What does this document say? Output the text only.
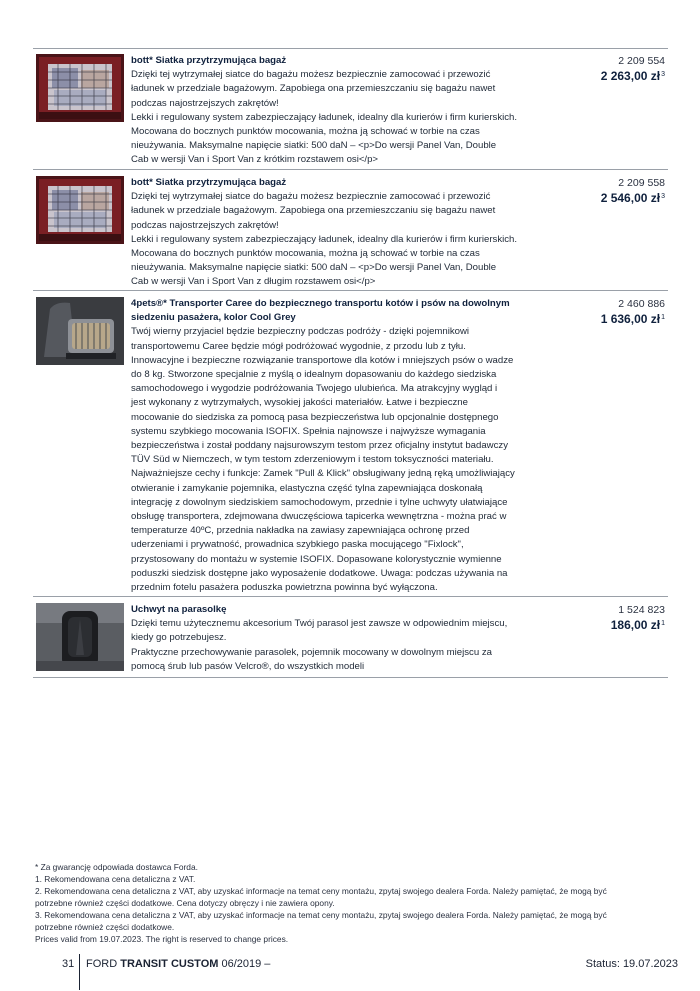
bott* Siatka przytrzymująca bagaż
Dzięki tej wytrzymałej siatce do bagażu możesz bezpiecznie zamocować i przewozić
ładunek w przedziale bagażowym. Zapobiega ona przemieszczaniu się bagażu nawet
podczas najostrzejszych zakrętów!
Lekki i regulowany system zabezpieczający ładunek, idealny dla kurierów i firm kurierskich.
Mocowana do bocznych punktów mocowania, można ją schować w torbie na czas
nieużywania. Maksymalne napięcie siatki: 500 daN – <p>Do wersji Panel Van, Double
Cab w wersji Van i Sport Van z krótkim rozstawem osi</p>
2 209 554
2 263,00 $zł^3$
bott* Siatka przytrzymująca bagaż
Dzięki tej wytrzymałej siatce do bagażu możesz bezpiecznie zamocować i przewozić
ładunek w przedziale bagażowym. Zapobiega ona przemieszczaniu się bagażu nawet
podczas najostrzejszych zakrętów!
Lekki i regulowany system zabezpieczający ładunek, idealny dla kurierów i firm kurierskich.
Mocowana do bocznych punktów mocowania, można ją schować w torbie na czas
nieużywania. Maksymalne napięcie siatki: 500 daN – <p>Do wersji Panel Van, Double
Cab w wersji Van i Sport Van z długim rozstawem osi</p>
2 209 558
2 546,00 $zł^3$
4pets®* Transporter Caree do bezpiecznego transportu kotów i psów na dowolnym
siedzeniu pasażera, kolor Cool Grey
Twój wierny przyjaciel będzie bezpieczny podczas podróży - dzięki pojemnikowi
transportowemu Caree będzie mógł podróżować wygodnie, z przodu lub z tyłu.
Innowacyjne i bezpieczne rozwiązanie transportowe dla kotów i mniejszych psów o wadze
do 8 kg. Stworzone specjalnie z myślą o idealnym dopasowaniu do każdego siedziska
samochodowego i wygodzie podróżowania Twojego ulubieńca. Ma atrakcyjny wygląd i
jest wykonany z wytrzymałych, wysokiej jakości materiałów. Łatwe i bezpieczne
mocowanie do siedziska za pomocą pasa bezpieczeństwa lub opcjonalnie dostępnego
systemu szybkiego mocowania ISOFIX. Spełnia najnowsze i najwyższe wymagania
bezpieczeństwa i został poddany najsurowszym testom przez oficjalny instytut badawczy
TÜV Süd w Niemczech, w tym testom zderzeniowym i testom toksyczności materiału.
Najważniejsze cechy i funkcje: Zamek "Pull & Klick" obsługiwany jedną ręką umożliwiający
otwieranie i zamykanie pojemnika, elastyczna część tylna zapewniająca doskonałą
integrację z dowolnym siedziskiem samochodowym, przednie i tylne uchwyty ułatwiające
obsługę transportera, zdejmowana dwuczęściowa tapicerka wewnętrzna - można prać w
temperaturze 40ºC, przednia nakładka na zawiasy zapewniająca ochronę przed
uderzeniami i prywatność, prowadnica szybkiego paska mocującego "Fixlock",
przystosowany do montażu w systemie ISOFIX. Dopasowane kolorystycznie wymienne
poduszki siedzisk dostępne jako wyposażenie dodatkowe. Uwaga: podczas używania na
przednim fotelu pasażera poduszka powietrzna powinna być wyłączona.
2 460 886
1 636,00 $zł^1$
Uchwyt na parasolkę
Dzięki temu użytecznemu akcesorium Twój parasol jest zawsze w odpowiednim miejscu,
kiedy go potrzebujesz.
Praktyczne przechowywanie parasolek, pojemnik mocowany w dowolnym miejscu za
pomocą śrub lub pasów Velcro®, do wszystkich modeli
1 524 823
186,00 $zł^1$
* Za gwarancję odpowiada dostawca Forda.
1. Rekomendowana cena detaliczna z VAT.
2. Rekomendowana cena detaliczna z VAT, aby uzyskać informacje na temat ceny montażu, zpytaj swojego dealera Forda. Należy pamiętać, że mogą być
potrzebne również części dodatkowe. Cena dotyczy obręczy i nie zawiera opony.
3. Rekomendowana cena detaliczna z VAT, aby uzyskać informacje na temat ceny montażu, zpytaj swojego dealera Forda. Należy pamiętać, że mogą być
potrzebne również części dodatkowe.
Prices valid from 19.07.2023. The right is reserved to change prices.
31 FORD TRANSIT CUSTOM 06/2019 –	Status: 19.07.2023
